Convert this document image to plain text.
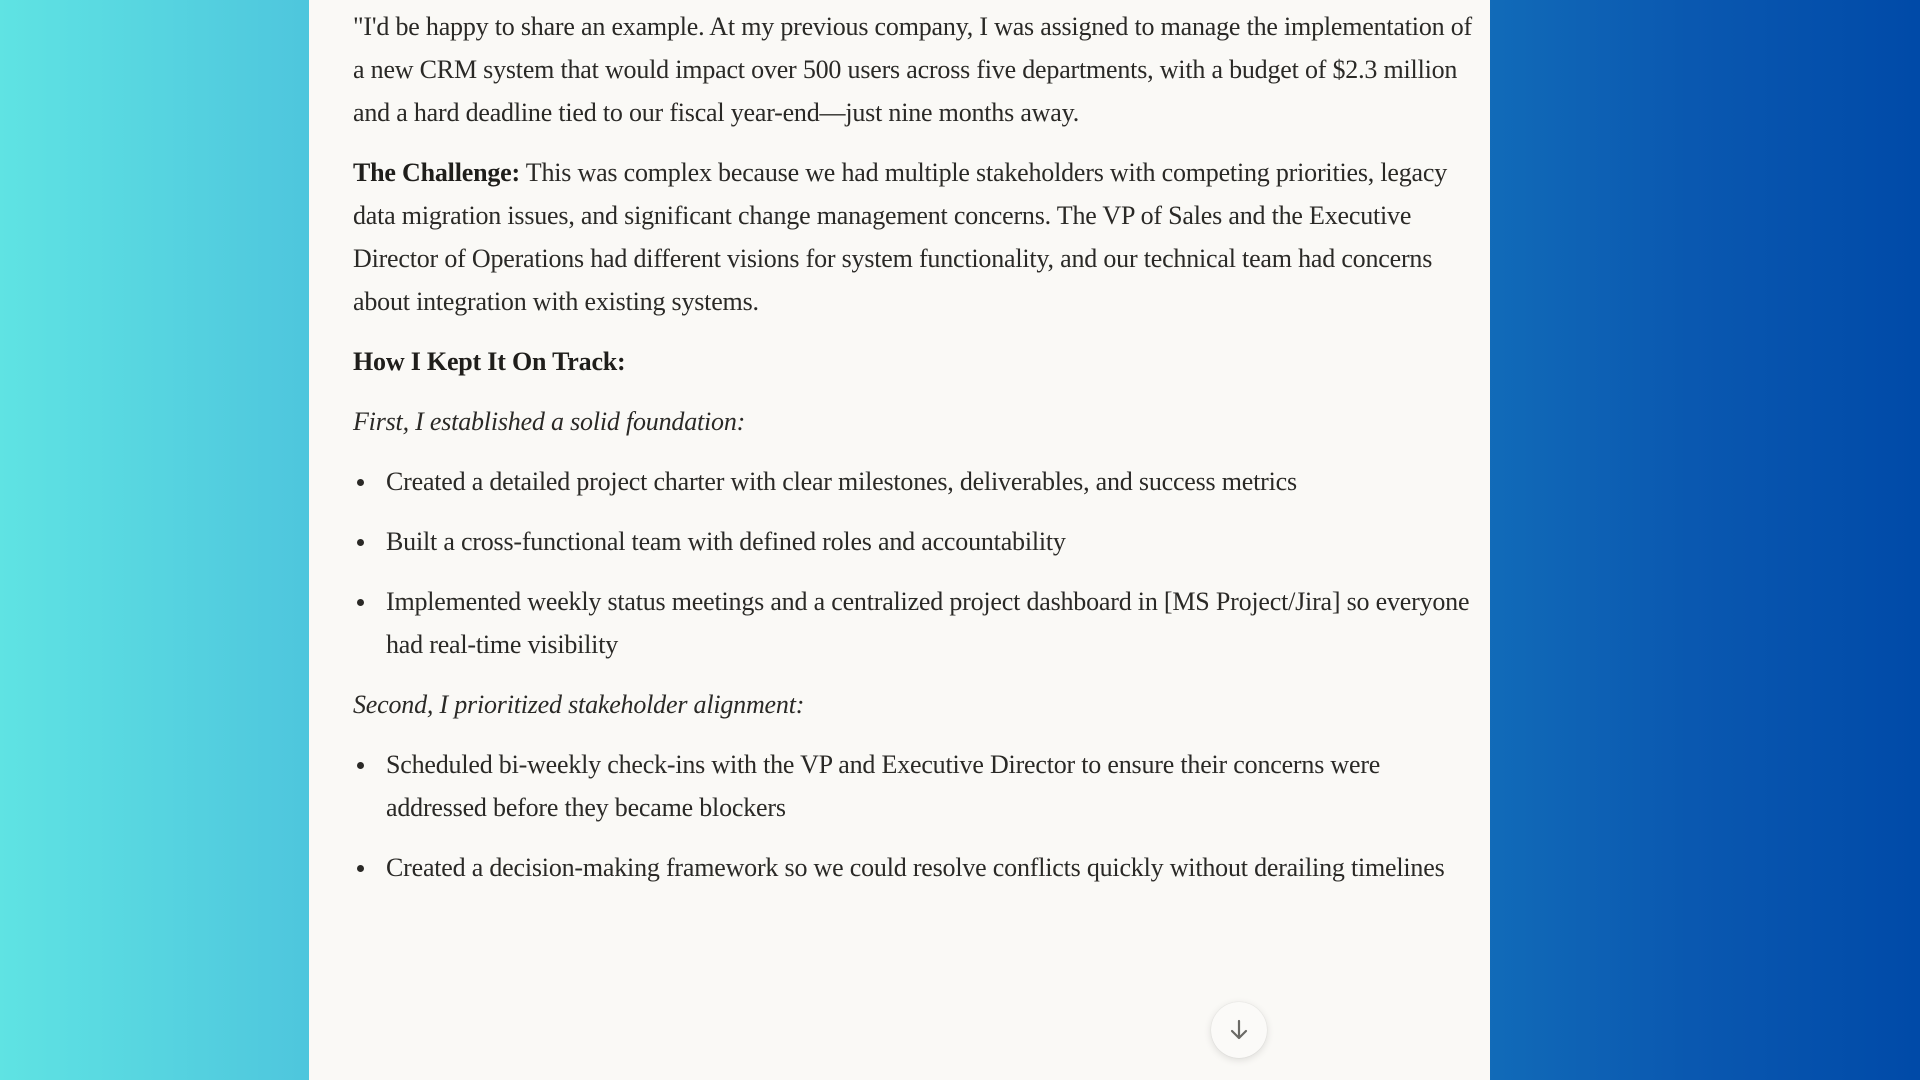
"I'd be happy to share an example. At my previous company, I was assigned to manage the implementation of a new CRM system that would impact over 500 users across five departments, with a budget of $2.3 million and a hard deadline tied to our fiscal year-end—just nine months away.

The Challenge: This was complex because we had multiple stakeholders with competing priorities, legacy data migration issues, and significant change management concerns. The VP of Sales and the Executive Director of Operations had different visions for system functionality, and our technical team had concerns about integration with existing systems.

How I Kept It On Track:
First, I established a solid foundation:
Created a detailed project charter with clear milestones, deliverables, and success metrics
Built a cross-functional team with defined roles and accountability
Implemented weekly status meetings and a centralized project dashboard in [MS Project/Jira] so everyone had real-time visibility
Second, I prioritized stakeholder alignment:
Scheduled bi-weekly check-ins with the VP and Executive Director to ensure their concerns were addressed before they became blockers
Created a decision-making framework so we could resolve conflicts quickly without derailing timelines
